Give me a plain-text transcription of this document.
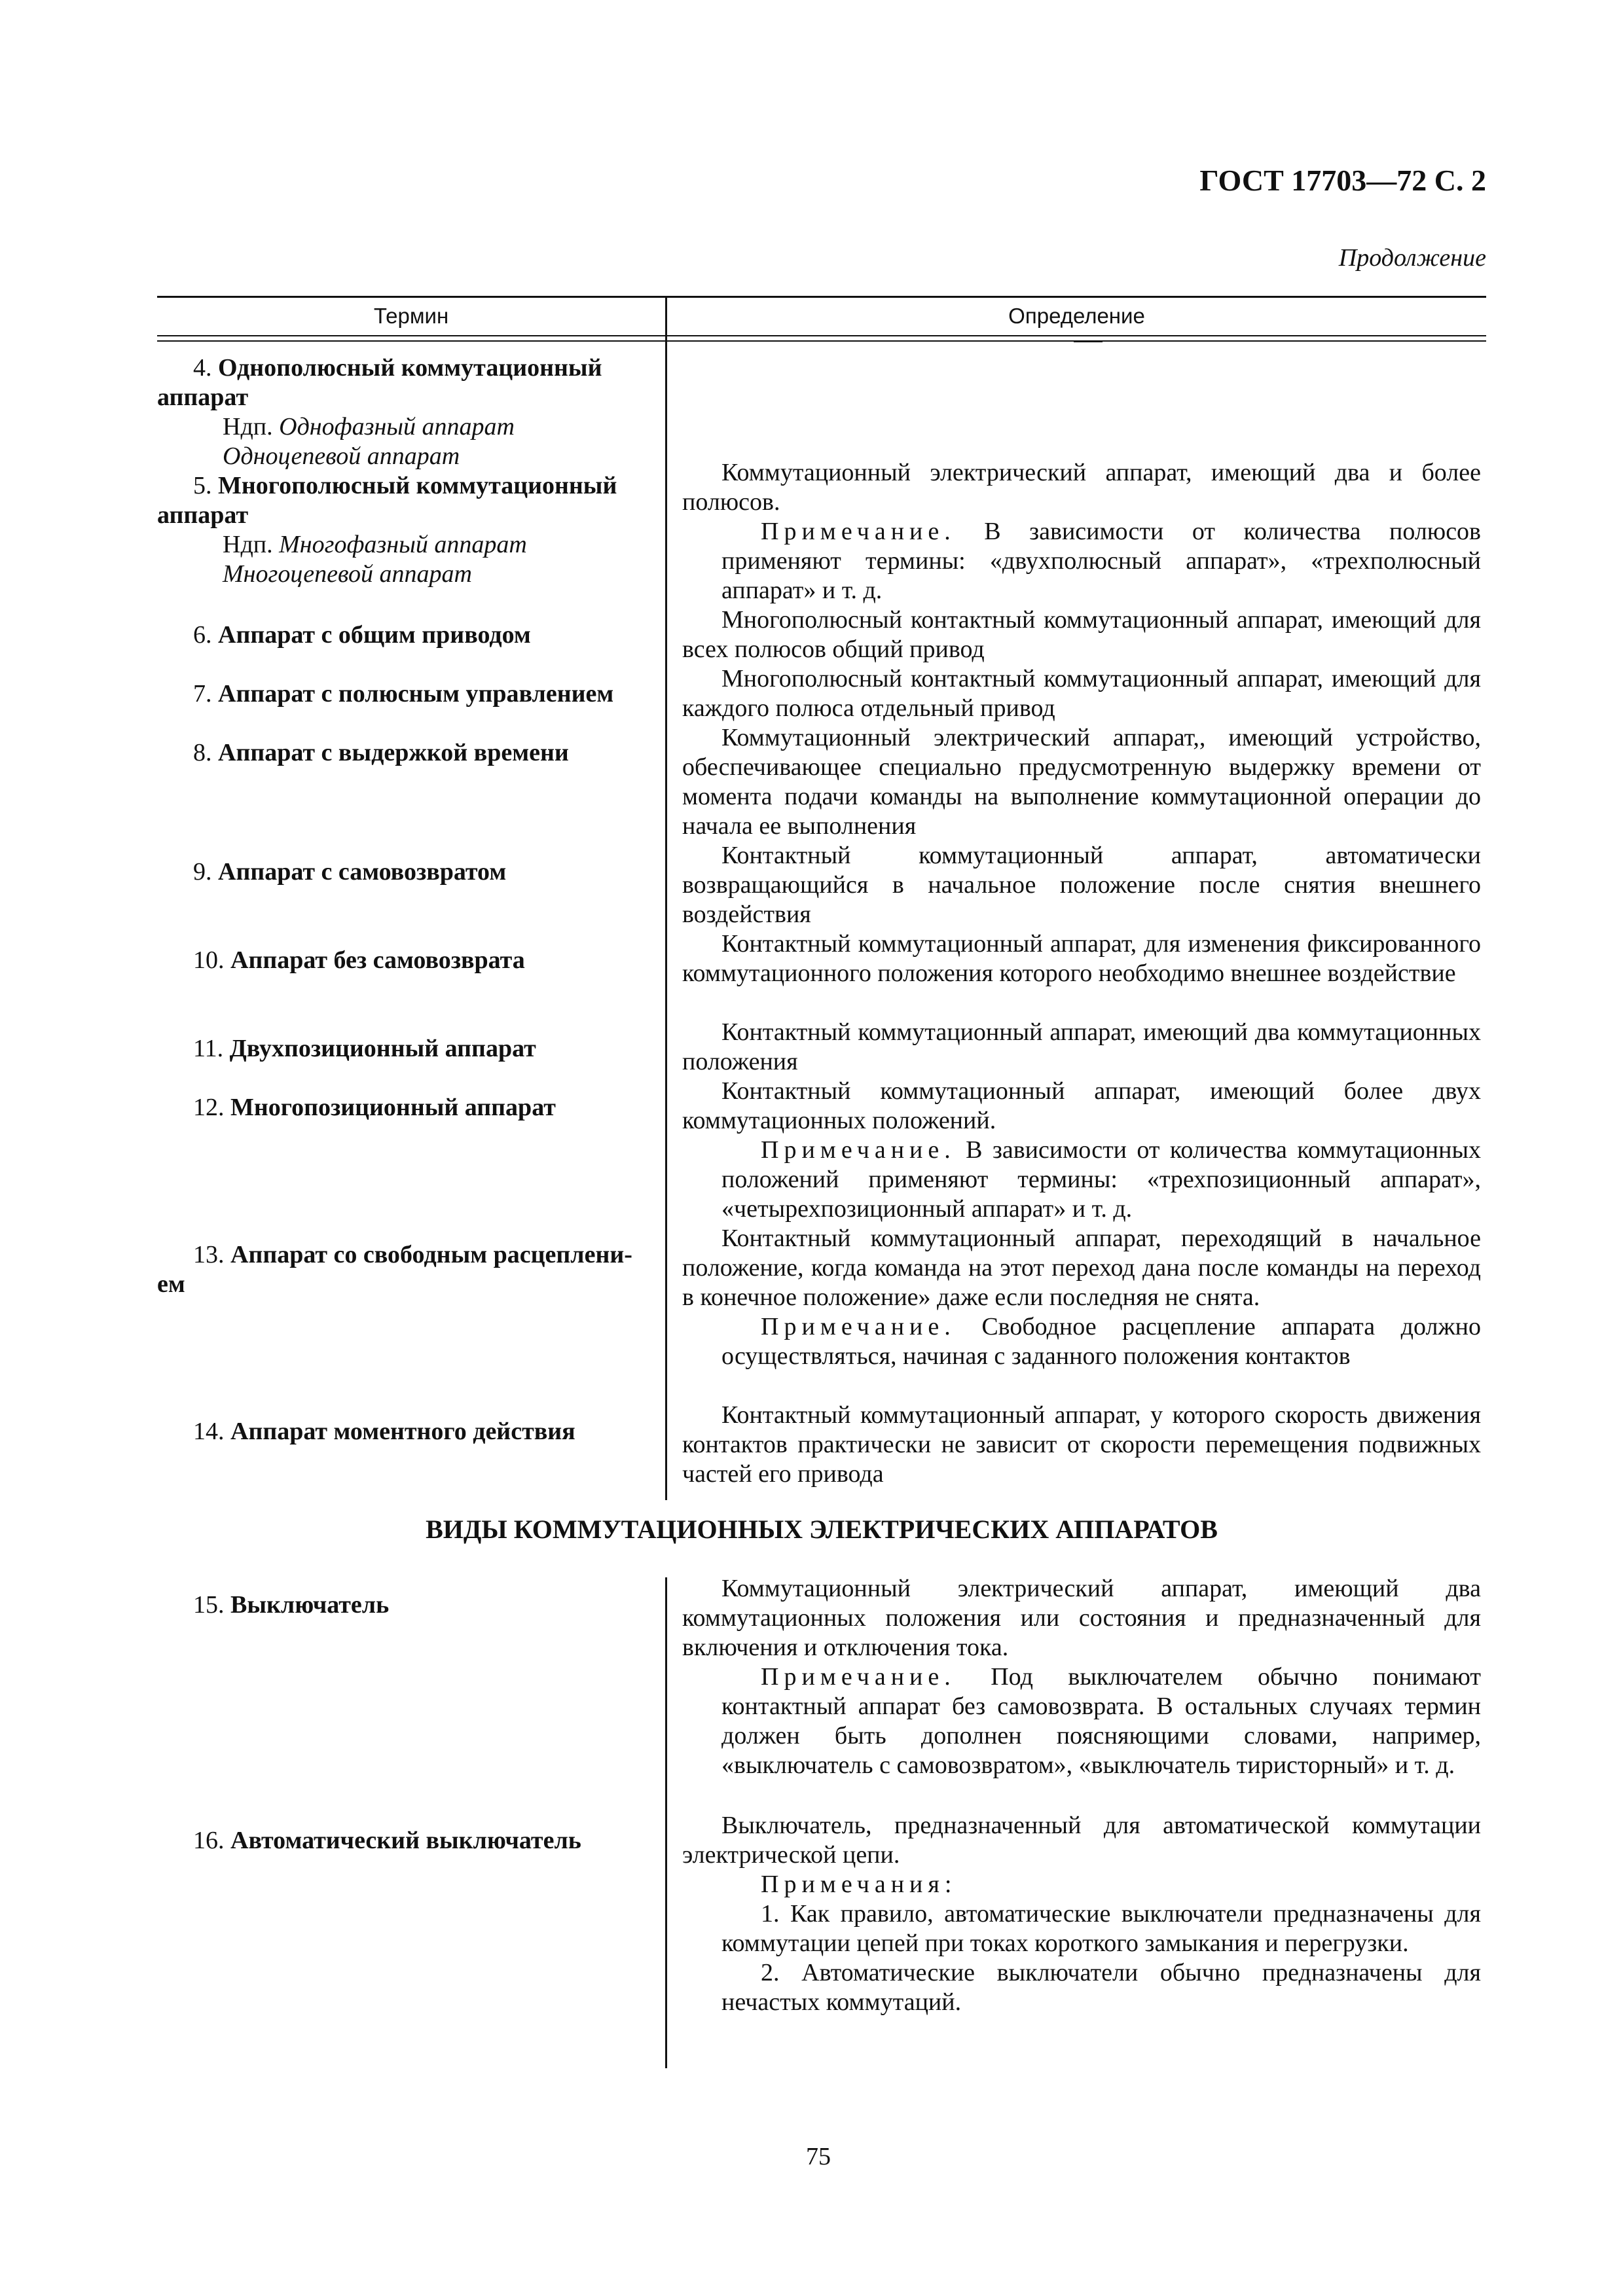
ГОСТ 17703—72 С. 2
Продолжение
Термин	Определение

4. Однополюсный коммутационный

аппарат

Ндп. Однофазный аппарат

Одноцепевой аппарат

5. Многополюсный коммутационный

аппарат

Ндп. Многофазный аппарат

Многоцепевой аппарат

Коммутационный электрический аппарат, имеющий два и более полюсов.

Примечание. В зависимости от количества полюсов применяют термины: «двухполюсный аппарат», «трехполюсный аппарат» и т. д.

6. Аппарат с общим приводом

Многополюсный контактный коммутационный аппарат, имеющий для всех полюсов общий привод

7. Аппарат с полюсным управлением

Многополюсный контактный коммутационный аппарат, имеющий для каждого полюса отдельный привод

8. Аппарат с выдержкой времени

Коммутационный электрический аппарат,, имеющий устройство, обеспечивающее специально предусмотренную выдержку времени от момента подачи команды на выполнение коммутационной операции до начала ее выполнения

9. Аппарат с самовозвратом

Контактный коммутационный аппарат, автоматически возвращающийся в начальное положение после снятия внешнего воздействия

10. Аппарат без самовозврата

Контактный коммутационный аппарат, для изменения фиксированного коммутационного положения которого необходимо внешнее воздействие

11. Двухпозиционный аппарат

Контактный коммутационный аппарат, имеющий два коммутационных положения

12. Многопозиционный аппарат

Контактный коммутационный аппарат, имеющий более двух коммутационных положений.

Примечание. В зависимости от количества коммутационных положений применяют термины: «трехпозиционный аппарат», «четырехпозиционный аппарат» и т. д.

13. Аппарат со свободным расцеплени-

ем

Контактный коммутационный аппарат, переходящий в начальное положение, когда команда на этот переход дана после команды на переход в конечное положение» даже если последняя не снята.

Примечание. Свободное расцепление аппарата должно осуществляться, начиная с заданного положения контактов

14. Аппарат моментного действия

Контактный коммутационный аппарат, у которого скорость движения контактов практически не зависит от скорости перемещения подвижных частей его привода

ВИДЫ КОММУТАЦИОННЫХ ЭЛЕКТРИЧЕСКИХ АППАРАТОВ

15. Выключатель

Коммутационный электрический аппарат, имеющий два коммутационных положения или состояния и предназначенный для включения и отключения тока.

Примечание. Под выключателем обычно понимают контактный аппарат без самовозврата. В остальных случаях термин должен быть дополнен поясняющими словами, например, «выключатель с самовозвратом», «выключатель тиристорный» и т. д.

16. Автоматический выключатель

Выключатель, предназначенный для автоматической коммутации электрической цепи.

Примечания:

1. Как правило, автоматические выключатели предназначены для коммутации цепей при токах короткого замыкания и перегрузки.

2. Автоматические выключатели обычно предназначены для нечастых коммутаций.

75
